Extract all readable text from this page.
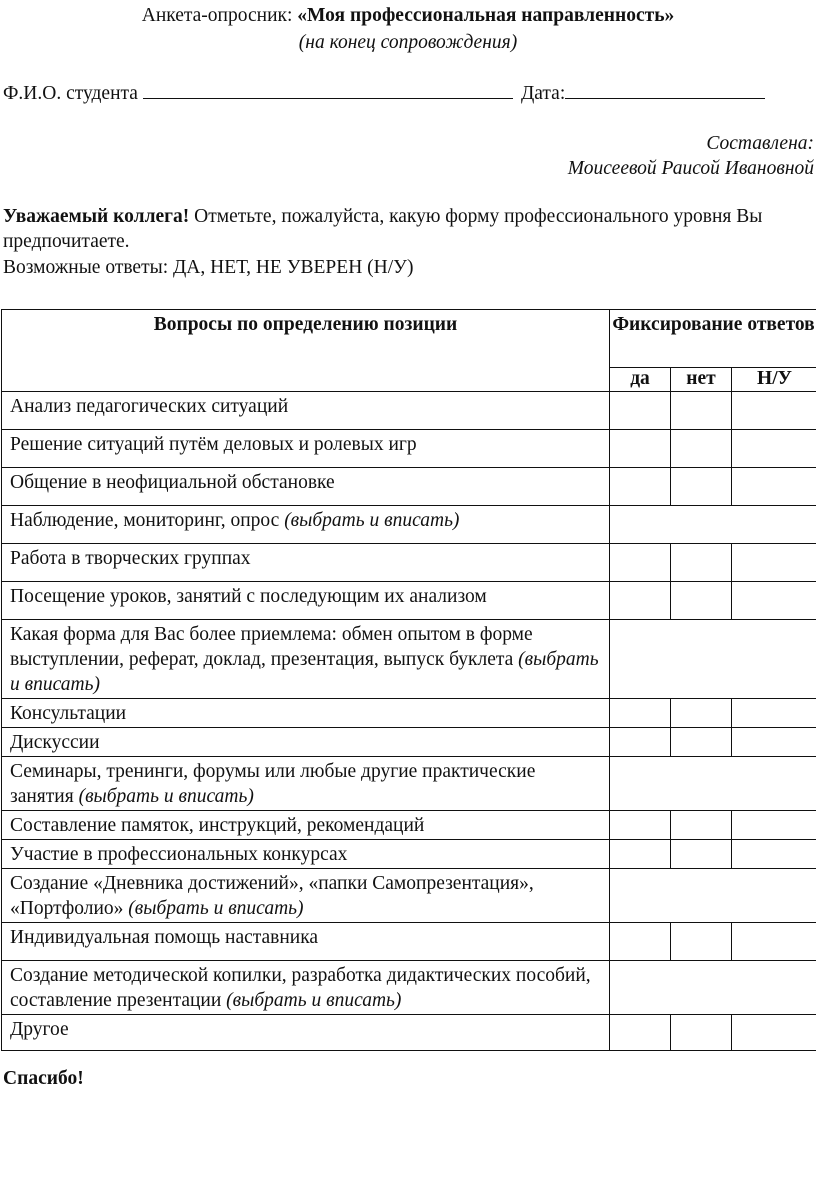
Анкета-опросник: «Моя профессиональная направленность»
(на конец сопровождения)
Ф.И.О. студента	Дата:
Составлена:
Моисеевой Раисой Ивановной

Уважаемый коллега! Отметьте, пожалуйста, какую форму профессионального уровня Вы предпочитаете.

Возможные ответы: ДА, НЕТ, НЕ УВЕРЕН (Н/У)

Вопросы по определению позиции	Фиксирование ответов		
	да	нет	Н/У
Анализ педагогических ситуаций			
Решение ситуаций путём деловых и ролевых игр			
Общение в неофициальной обстановке			
Наблюдение, мониторинг, опрос (выбрать и вписать)			
Работа в творческих группах			
Посещение уроков, занятий с последующим их анализом			
Какая форма для Вас более приемлема: обмен опытом в форме выступлении, реферат, доклад, презентация, выпуск буклета (выбрать и вписать)			
Консультации			
Дискуссии			
Семинары, тренинги, форумы или любые другие практические занятия (выбрать и вписать)			
Составление памяток, инструкций, рекомендаций			
Участие в профессиональных конкурсах			
Создание «Дневника достижений», «папки Самопрезентация», «Портфолио» (выбрать и вписать)			
Индивидуальная помощь наставника			
Создание методической копилки, разработка дидактических пособий, составление презентации (выбрать и вписать)			
Другое			
Спасибо!
